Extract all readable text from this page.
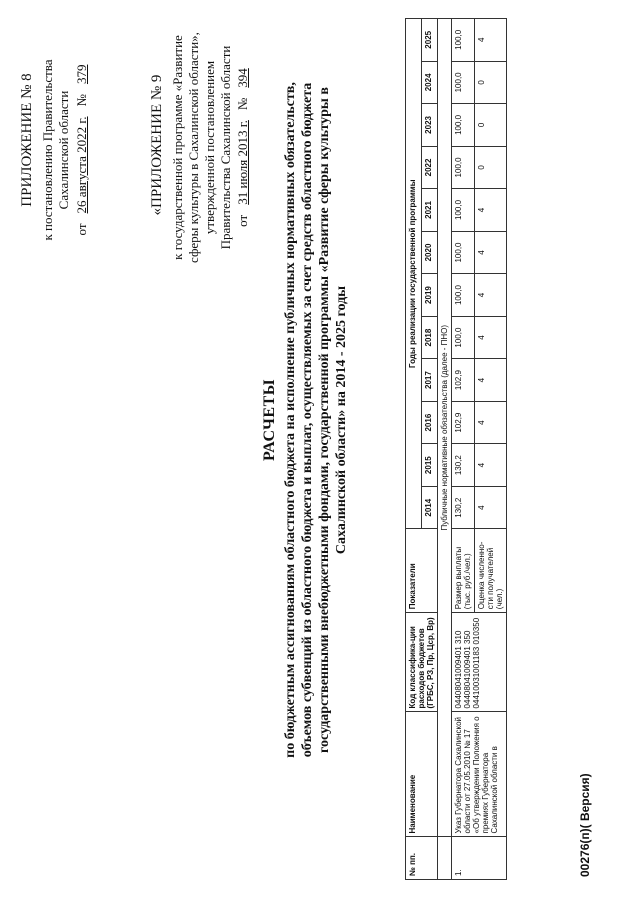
ПРИЛОЖЕНИЕ № 8 к постановлению Правительства Сахалинской области
от
26 августа 2022 г.
№
379
«ПРИЛОЖЕНИЕ № 9 к государственной программе «Развитие сферы культуры в Сахалинской области», утвержденной постановлением Правительства Сахалинской области от
31 июля 2013 г.
№
394
РАСЧЕТЫ по бюджетным ассигнованиям областного бюджета на исполнение публичных нормативных обязательств, объемов субвенций из областного бюджета и выплат, осуществляемых за счет средств областного бюджета государственными внебюджетными фондами, государственной программы «Развитие сферы культуры в Сахалинской области» на 2014 - 2025 годы
№ пп.	Наименование	Код классифика-ции расходов бюджетов (ГРБС, РЗ, Пр, Цср, Вр)	Показатели	Годы реализации государственной программы											
				2014	2015	2016	2017	2018	2019	2020	2021	2022	2023	2024	2025
	Публичные нормативные обязательства (далее - ПНО)														
1.	Указ Губернатора Сахалинской области от 27.05.2010 № 17 «Об утверждении Положения о премиях Губернатора Сахалинской области в	04408041009401 310 04408041009401 350 04410031001183 010350	Размер выплаты (тыс. руб./чел.)	130,2	130,2	102,9	102,9	100,0	100,0	100,0	100,0	100,0	100,0	100,0	100,0
			Оценка численно-сти получателей (чел.)	4	4	4	4	4	4	4	4	0	0	0	4
00276(п)( Версия)
